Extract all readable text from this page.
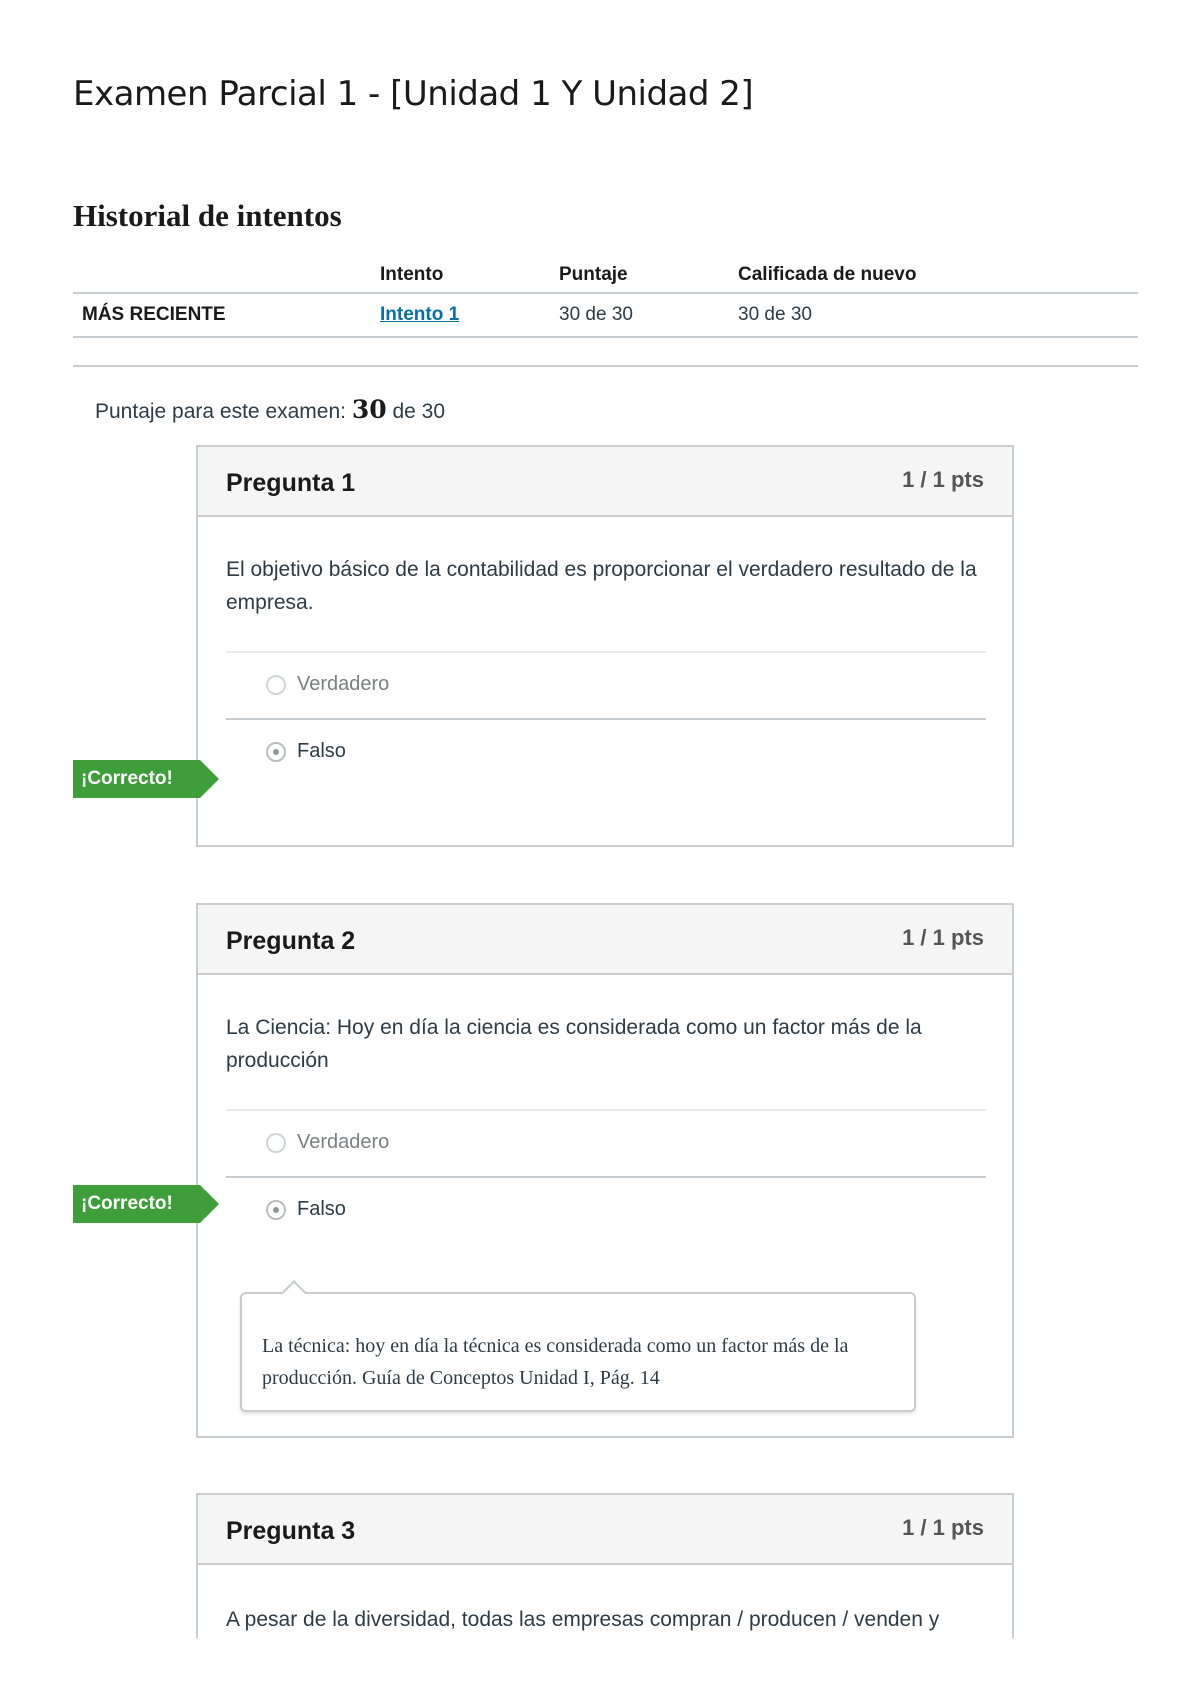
Examen Parcial 1 - [Unidad 1 Y Unidad 2]
Historial de intentos
	Intento	Puntaje	Calificada de nuevo
MÁS RECIENTE	Intento 1	30 de 30	30 de 30
Puntaje para este examen: 30 de 30
Pregunta 1	1 / 1 pts

El objetivo básico de la contabilidad es proporcionar el verdadero resultado de la
empresa.

Verdadero
Falso
¡Correcto!
Pregunta 2	1 / 1 pts

La Ciencia: Hoy en día la ciencia es considerada como un factor más de la producción

Verdadero
Falso
La técnica: hoy en día la técnica es considerada como un factor más de la producción. Guía de Conceptos Unidad I, Pág. 14
¡Correcto!
Pregunta 3	1 / 1 pts

A pesar de la diversidad, todas las empresas compran / producen / venden y
